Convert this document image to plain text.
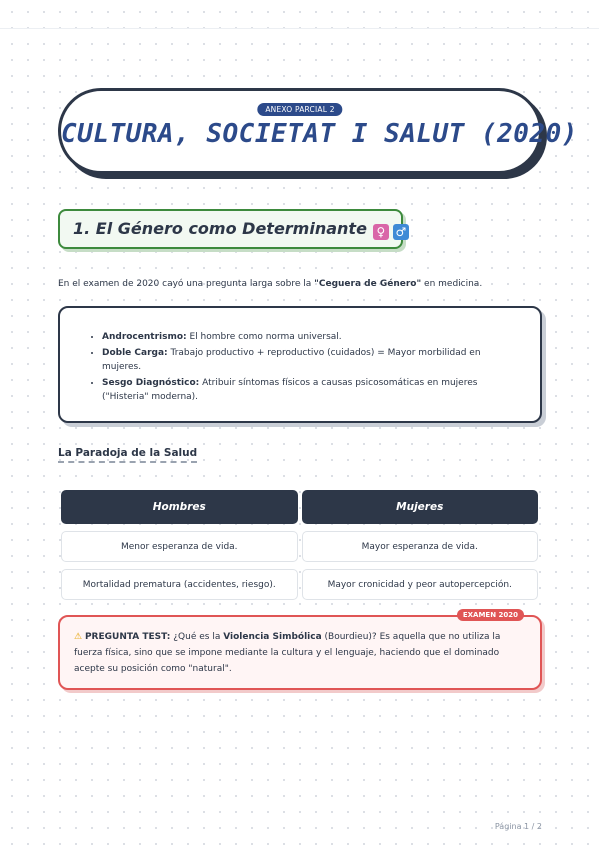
ANEXO PARCIAL 2
CULTURA, SOCIETAT I SALUT (2020)
1. El Género como Determinante ♀ ♂
En el examen de 2020 cayó una pregunta larga sobre la "Ceguera de Género" en medicina.
• Androcentrismo: El hombre como norma universal.
• Doble Carga: Trabajo productivo + reproductivo (cuidados) = Mayor morbilidad en mujeres.
• Sesgo Diagnóstico: Atribuir síntomas físicos a causas psicosomáticas en mujeres ("Histeria" moderna).
La Paradoja de la Salud
Hombres	Mujeres
Menor esperanza de vida.	Mayor esperanza de vida.
Mortalidad prematura (accidentes, riesgo).	Mayor cronicidad y peor autopercepción.
EXAMEN 2020
⚠ PREGUNTA TEST: ¿Qué es la Violencia Simbólica (Bourdieu)? Es aquella que no utiliza la fuerza física, sino que se impone mediante la cultura y el lenguaje, haciendo que el dominado acepte su posición como "natural".
Página 1 / 2
